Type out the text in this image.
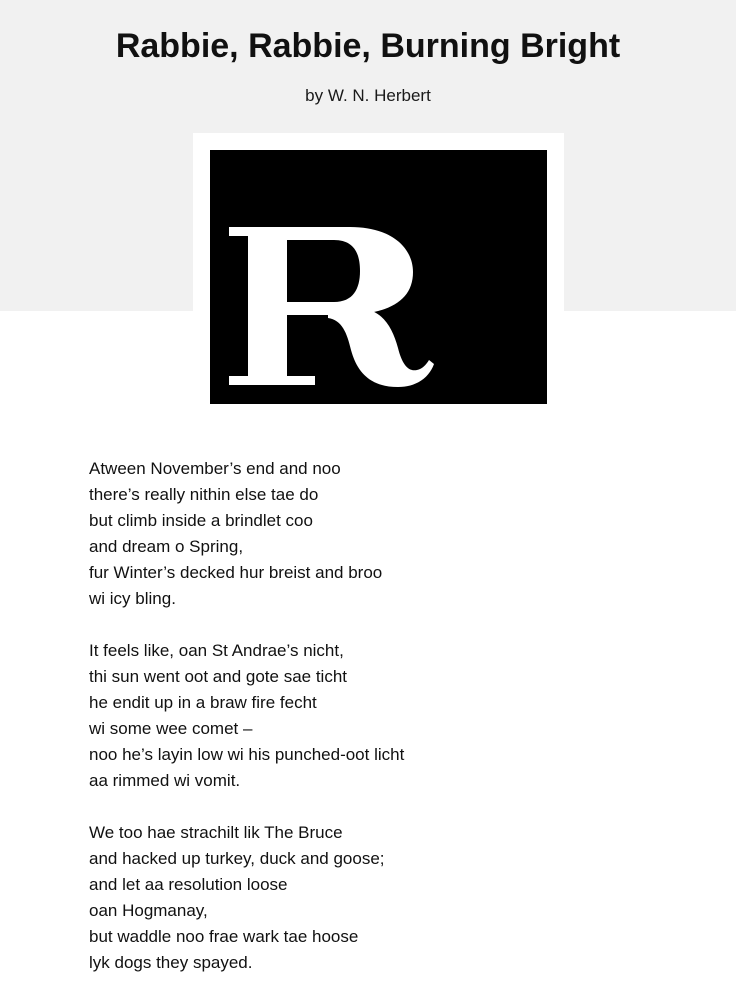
Rabbie, Rabbie, Burning Bright
by W. N. Herbert
Atween November’s end and noo
there’s really nithin else tae do
but climb inside a brindlet coo
and dream o Spring,
fur Winter’s decked hur breist and broo
wi icy bling.
It feels like, oan St Andrae’s nicht,
thi sun went oot and gote sae ticht
he endit up in a braw fire fecht
wi some wee comet –
noo he’s layin low wi his punched-oot licht
aa rimmed wi vomit.
We too hae strachilt lik The Bruce
and hacked up turkey, duck and goose;
and let aa resolution loose
oan Hogmanay,
but waddle noo frae wark tae hoose
lyk dogs they spayed.
